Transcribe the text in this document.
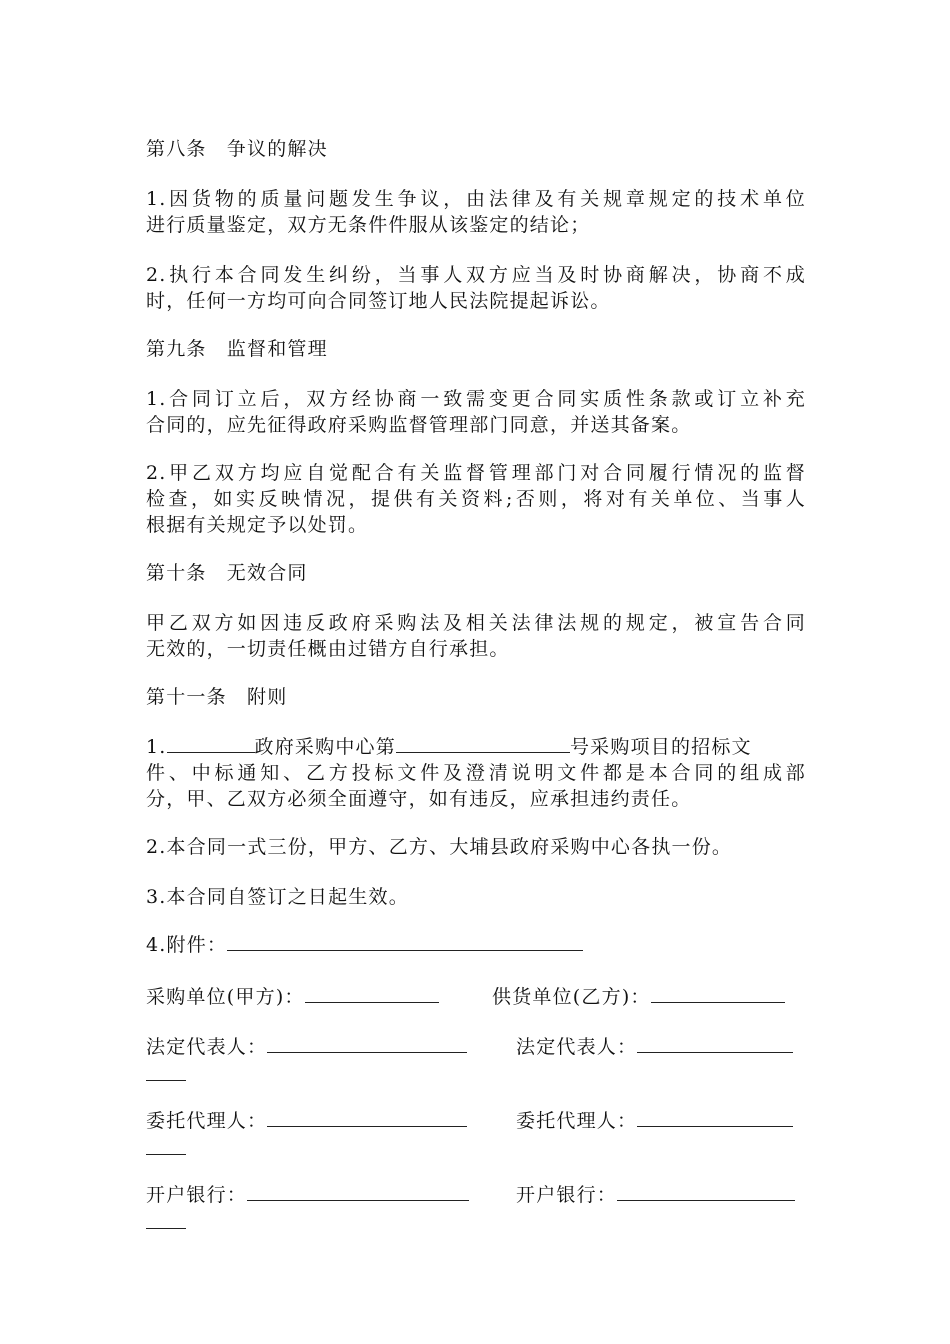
第八条　争议的解决
1.因货物的质量问题发生争议，由法律及有关规章规定的技术单位
进行质量鉴定，双方无条件件服从该鉴定的结论；
2.执行本合同发生纠纷，当事人双方应当及时协商解决，协商不成
时，任何一方均可向合同签订地人民法院提起诉讼。
第九条　监督和管理
1.合同订立后，双方经协商一致需变更合同实质性条款或订立补充
合同的，应先征得政府采购监督管理部门同意，并送其备案。
2.甲乙双方均应自觉配合有关监督管理部门对合同履行情况的监督
检查，如实反映情况，提供有关资料;否则，将对有关单位、当事人
根据有关规定予以处罚。
第十条　无效合同
甲乙双方如因违反政府采购法及相关法律法规的规定，被宣告合同
无效的，一切责任概由过错方自行承担。
第十一条　附则
1.	政府采购中心第	号采购项目的招标文
件、中标通知、乙方投标文件及澄清说明文件都是本合同的组成部
分，甲、乙双方必须全面遵守，如有违反，应承担违约责任。
2.本合同一式三份，甲方、乙方、大埔县政府采购中心各执一份。
3.本合同自签订之日起生效。
4.附件：
采购单位(甲方)：	供货单位(乙方)：
法定代表人：	法定代表人：
委托代理人：	委托代理人：
开户银行：	开户银行：
